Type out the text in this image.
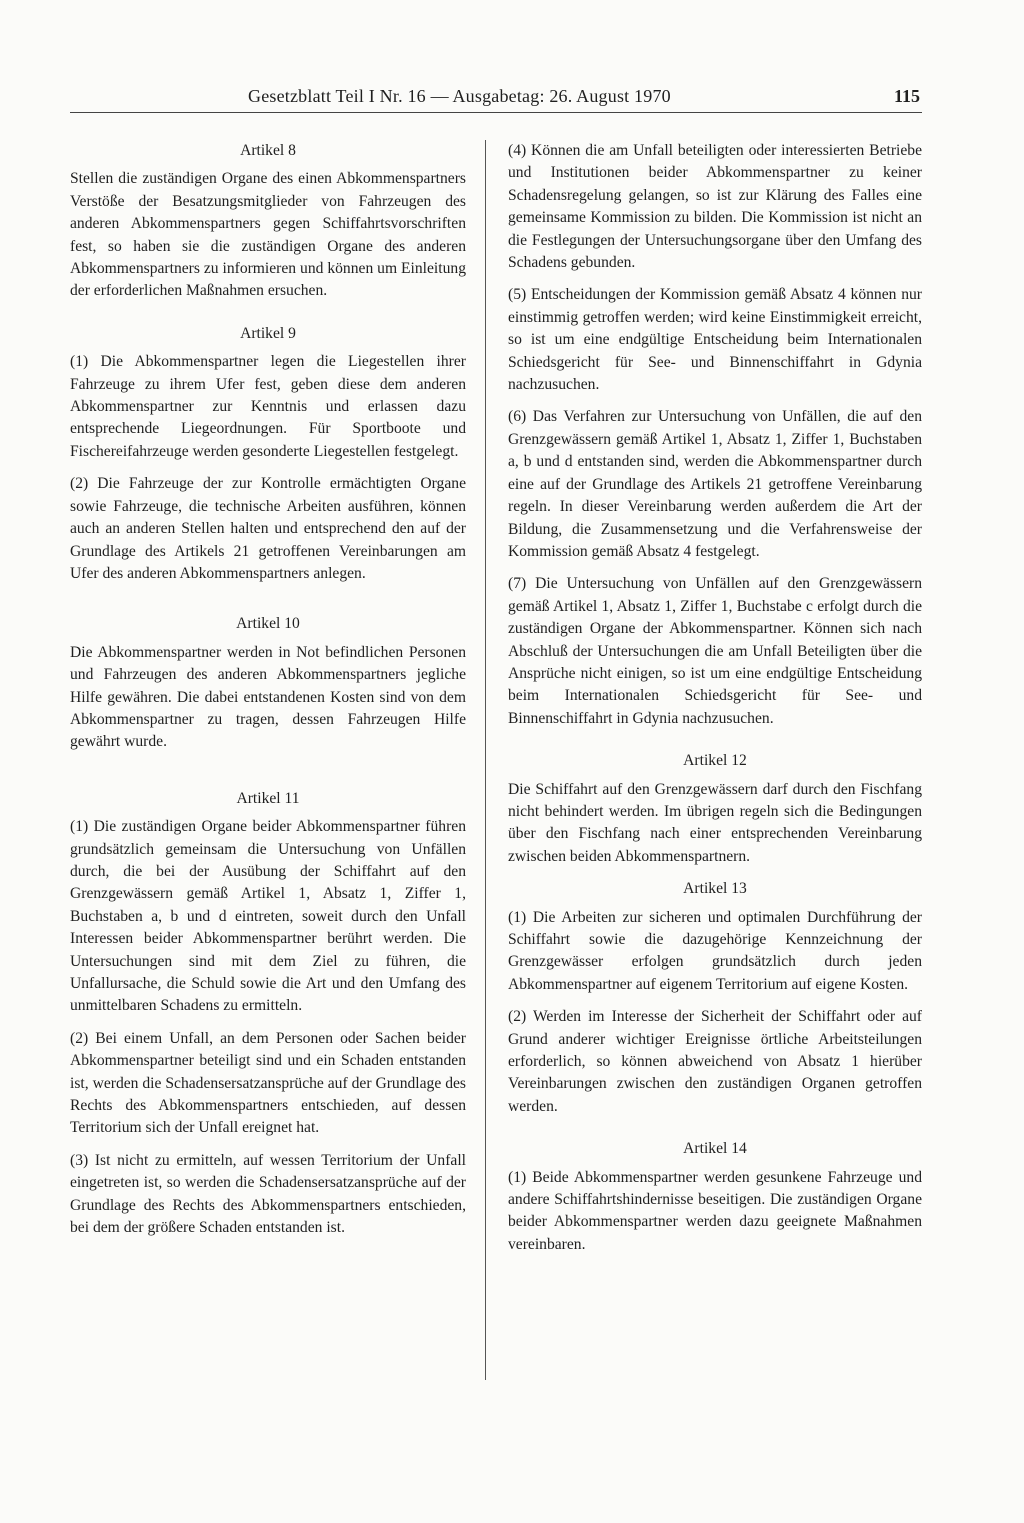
Gesetzblatt Teil I Nr. 16 — Ausgabetag: 26. August 1970	115
Artikel 8

Stellen die zuständigen Organe des einen Abkommenspartners Verstöße der Besatzungsmitglieder von Fahrzeugen des anderen Abkommenspartners gegen Schiffahrtsvorschriften fest, so haben sie die zuständigen Organe des anderen Abkommenspartners zu informieren und können um Einleitung der erforderlichen Maßnahmen ersuchen.

Artikel 9

(1) Die Abkommenspartner legen die Liegestellen ihrer Fahrzeuge zu ihrem Ufer fest, geben diese dem anderen Abkommenspartner zur Kenntnis und erlassen dazu entsprechende Liegeordnungen. Für Sportboote und Fischereifahrzeuge werden gesonderte Liegestellen festgelegt.

(2) Die Fahrzeuge der zur Kontrolle ermächtigten Organe sowie Fahrzeuge, die technische Arbeiten ausführen, können auch an anderen Stellen halten und entsprechend den auf der Grundlage des Artikels 21 getroffenen Vereinbarungen am Ufer des anderen Abkommenspartners anlegen.

Artikel 10

Die Abkommenspartner werden in Not befindlichen Personen und Fahrzeugen des anderen Abkommenspartners jegliche Hilfe gewähren. Die dabei entstandenen Kosten sind von dem Abkommenspartner zu tragen, dessen Fahrzeugen Hilfe gewährt wurde.

Artikel 11

(1) Die zuständigen Organe beider Abkommenspartner führen grundsätzlich gemeinsam die Untersuchung von Unfällen durch, die bei der Ausübung der Schiffahrt auf den Grenzgewässern gemäß Artikel 1, Absatz 1, Ziffer 1, Buchstaben a, b und d eintreten, soweit durch den Unfall Interessen beider Abkommenspartner berührt werden. Die Untersuchungen sind mit dem Ziel zu führen, die Unfallursache, die Schuld sowie die Art und den Umfang des unmittelbaren Schadens zu ermitteln.

(2) Bei einem Unfall, an dem Personen oder Sachen beider Abkommenspartner beteiligt sind und ein Schaden entstanden ist, werden die Schadensersatzansprüche auf der Grundlage des Rechts des Abkommenspartners entschieden, auf dessen Territorium sich der Unfall ereignet hat.

(3) Ist nicht zu ermitteln, auf wessen Territorium der Unfall eingetreten ist, so werden die Schadensersatzansprüche auf der Grundlage des Rechts des Abkommenspartners entschieden, bei dem der größere Schaden entstanden ist.

(4) Können die am Unfall beteiligten oder interessierten Betriebe und Institutionen beider Abkommenspartner zu keiner Schadensregelung gelangen, so ist zur Klärung des Falles eine gemeinsame Kommission zu bilden. Die Kommission ist nicht an die Festlegungen der Untersuchungsorgane über den Umfang des Schadens gebunden.

(5) Entscheidungen der Kommission gemäß Absatz 4 können nur einstimmig getroffen werden; wird keine Einstimmigkeit erreicht, so ist um eine endgültige Entscheidung beim Internationalen Schiedsgericht für See- und Binnenschiffahrt in Gdynia nachzusuchen.

(6) Das Verfahren zur Untersuchung von Unfällen, die auf den Grenzgewässern gemäß Artikel 1, Absatz 1, Ziffer 1, Buchstaben a, b und d entstanden sind, werden die Abkommenspartner durch eine auf der Grundlage des Artikels 21 getroffene Vereinbarung regeln. In dieser Vereinbarung werden außerdem die Art der Bildung, die Zusammensetzung und die Verfahrensweise der Kommission gemäß Absatz 4 festgelegt.

(7) Die Untersuchung von Unfällen auf den Grenzgewässern gemäß Artikel 1, Absatz 1, Ziffer 1, Buchstabe c erfolgt durch die zuständigen Organe der Abkommenspartner. Können sich nach Abschluß der Untersuchungen die am Unfall Beteiligten über die Ansprüche nicht einigen, so ist um eine endgültige Entscheidung beim Internationalen Schiedsgericht für See- und Binnenschiffahrt in Gdynia nachzusuchen.

Artikel 12

Die Schiffahrt auf den Grenzgewässern darf durch den Fischfang nicht behindert werden. Im übrigen regeln sich die Bedingungen über den Fischfang nach einer entsprechenden Vereinbarung zwischen beiden Abkommenspartnern.

Artikel 13

(1) Die Arbeiten zur sicheren und optimalen Durchführung der Schiffahrt sowie die dazugehörige Kennzeichnung der Grenzgewässer erfolgen grundsätzlich durch jeden Abkommenspartner auf eigenem Territorium auf eigene Kosten.

(2) Werden im Interesse der Sicherheit der Schiffahrt oder auf Grund anderer wichtiger Ereignisse örtliche Arbeitsteilungen erforderlich, so können abweichend von Absatz 1 hierüber Vereinbarungen zwischen den zuständigen Organen getroffen werden.

Artikel 14

(1) Beide Abkommenspartner werden gesunkene Fahrzeuge und andere Schiffahrtshindernisse beseitigen. Die zuständigen Organe beider Abkommenspartner werden dazu geeignete Maßnahmen vereinbaren.
